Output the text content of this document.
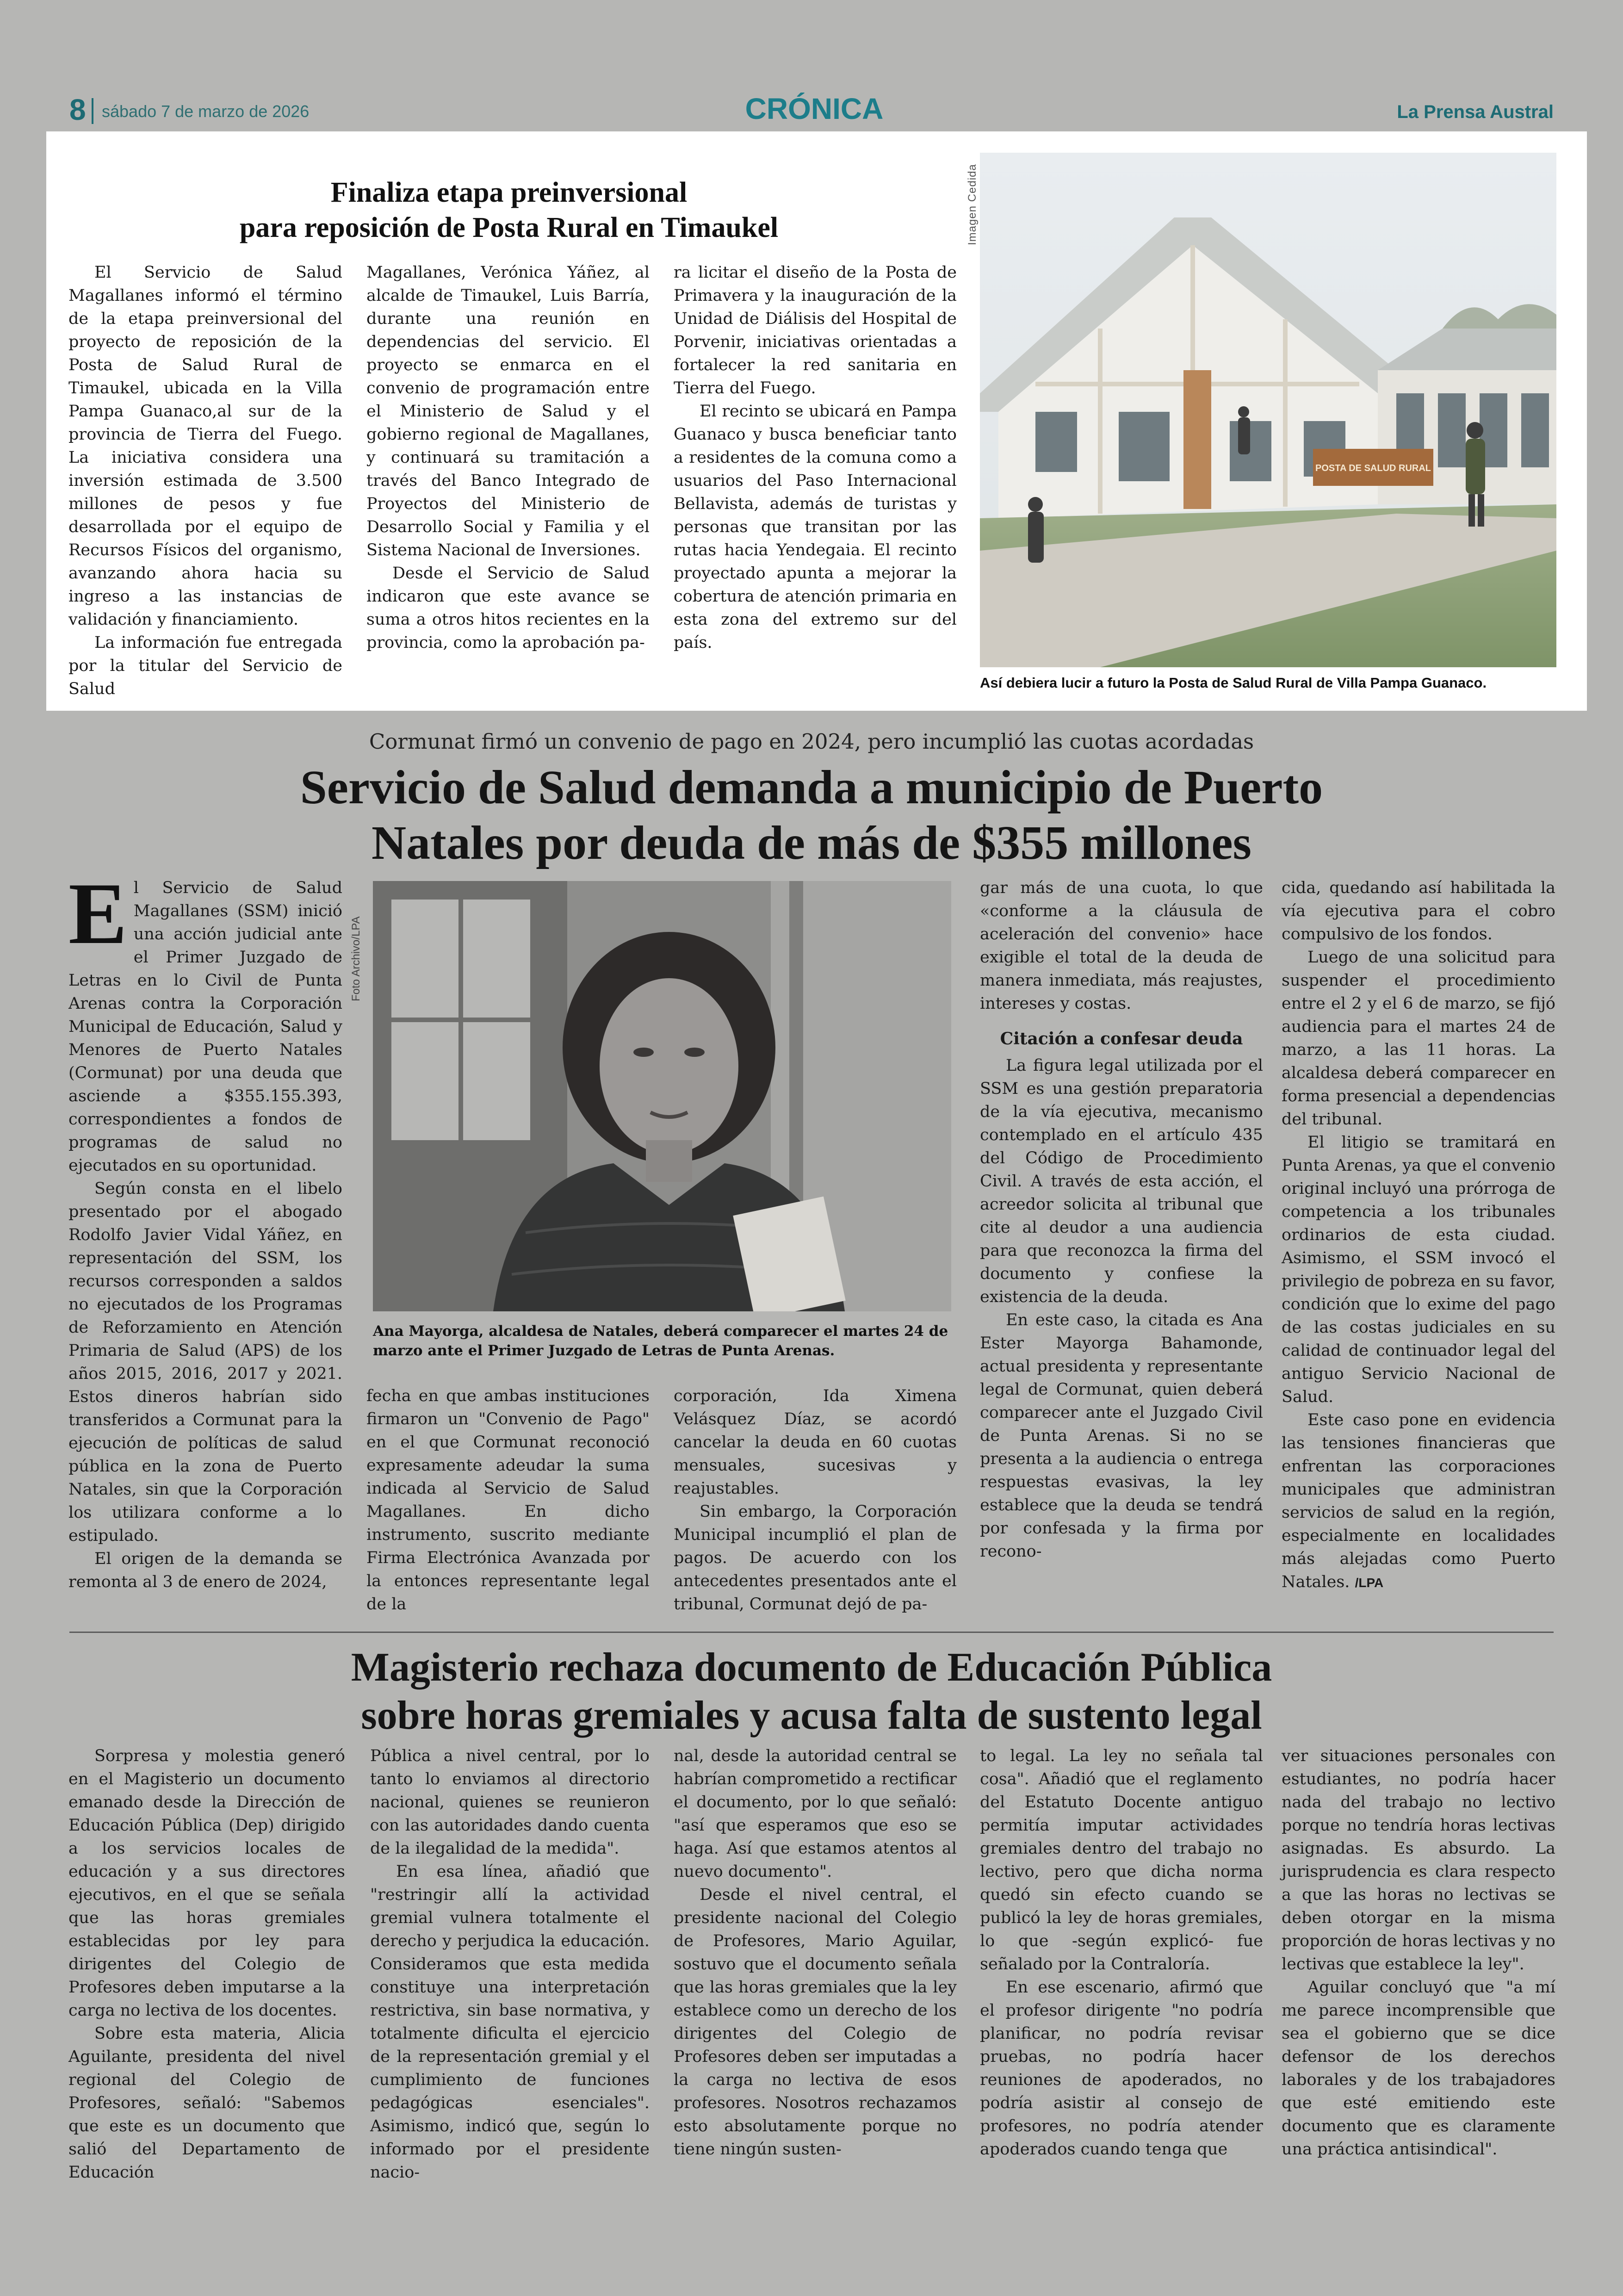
8 sábado 7 de marzo de 2026	CRÓNICA	La Prensa Austral
Finaliza etapa preinversional
para reposición de Posta Rural en Timaukel

El Servicio de Salud Magallanes informó el término de la etapa preinversional del proyecto de reposición de la Posta de Salud Rural de Timaukel, ubicada en la Villa Pampa Guanaco,al sur de la provincia de Tierra del Fuego. La iniciativa considera una inversión estimada de 3.500 millones de pesos y fue desarrollada por el equipo de Recursos Físicos del organismo, avanzando ahora hacia su ingreso a las instancias de validación y financiamiento.

La información fue entregada por la titular del Servicio de Salud

Magallanes, Verónica Yáñez, al alcalde de Timaukel, Luis Barría, durante una reunión en dependencias del servicio. El proyecto se enmarca en el convenio de programación entre el Ministerio de Salud y el gobierno regional de Magallanes, y continuará su tramitación a través del Banco Integrado de Proyectos del Ministerio de Desarrollo Social y Familia y el Sistema Nacional de Inversiones.

Desde el Servicio de Salud indicaron que este avance se suma a otros hitos recientes en la provincia, como la aprobación pa-

ra licitar el diseño de la Posta de Primavera y la inauguración de la Unidad de Diálisis del Hospital de Porvenir, iniciativas orientadas a fortalecer la red sanitaria en Tierra del Fuego.

El recinto se ubicará en Pampa Guanaco y busca beneficiar tanto a residentes de la comuna como a usuarios del Paso Internacional Bellavista, además de turistas y personas que transitan por las rutas hacia Yendegaia. El recinto proyectado apunta a mejorar la cobertura de atención primaria en esta zona del extremo sur del país.

Imagen Cedida
POSTA DE SALUD RURAL
Así debiera lucir a futuro la Posta de Salud Rural de Villa Pampa Guanaco.
Cormunat firmó un convenio de pago en 2024, pero incumplió las cuotas acordadas
Servicio de Salud demanda a municipio de Puerto
Natales por deuda de más de $355 millones

El Servicio de Salud Magallanes (SSM) inició una acción judicial ante el Primer Juzgado de Letras en lo Civil de Punta Arenas contra la Corporación Municipal de Educación, Salud y Menores de Puerto Natales (Cormunat) por una deuda que asciende a $355.155.393, correspondientes a fondos de programas de salud no ejecutados en su oportunidad.

Según consta en el libelo presentado por el abogado Rodolfo Javier Vidal Yáñez, en representación del SSM, los recursos corresponden a saldos no ejecutados de los Programas de Reforzamiento en Atención Primaria de Salud (APS) de los años 2015, 2016, 2017 y 2021. Estos dineros habrían sido transferidos a Cormunat para la ejecución de políticas de salud pública en la zona de Puerto Natales, sin que la Corporación los utilizara conforme a lo estipulado.

El origen de la demanda se remonta al 3 de enero de 2024,

Foto Archivo/LPA
Ana Mayorga, alcaldesa de Natales, deberá comparecer el martes 24 de marzo ante el Primer Juzgado de Letras de Punta Arenas.

fecha en que ambas instituciones firmaron un "Convenio de Pago" en el que Cormunat reconoció expresamente adeudar la suma indicada al Servicio de Salud Magallanes. En dicho instrumento, suscrito mediante Firma Electrónica Avanzada por la entonces representante legal de la

corporación, Ida Ximena Velásquez Díaz, se acordó cancelar la deuda en 60 cuotas mensuales, sucesivas y reajustables.

Sin embargo, la Corporación Municipal incumplió el plan de pagos. De acuerdo con los antecedentes presentados ante el tribunal, Cormunat dejó de pa-

gar más de una cuota, lo que «conforme a la cláusula de aceleración del convenio» hace exigible el total de la deuda de manera inmediata, más reajustes, intereses y costas.

Citación a confesar deuda

La figura legal utilizada por el SSM es una gestión preparatoria de la vía ejecutiva, mecanismo contemplado en el artículo 435 del Código de Procedimiento Civil. A través de esta acción, el acreedor solicita al tribunal que cite al deudor a una audiencia para que reconozca la firma del documento y confiese la existencia de la deuda.

En este caso, la citada es Ana Ester Mayorga Bahamonde, actual presidenta y representante legal de Cormunat, quien deberá comparecer ante el Juzgado Civil de Punta Arenas. Si no se presenta a la audiencia o entrega respuestas evasivas, la ley establece que la deuda se tendrá por confesada y la firma por recono-

cida, quedando así habilitada la vía ejecutiva para el cobro compulsivo de los fondos.

Luego de una solicitud para suspender el procedimiento entre el 2 y el 6 de marzo, se fijó audiencia para el martes 24 de marzo, a las 11 horas. La alcaldesa deberá comparecer en forma presencial a dependencias del tribunal.

El litigio se tramitará en Punta Arenas, ya que el convenio original incluyó una prórroga de competencia a los tribunales ordinarios de esta ciudad. Asimismo, el SSM invocó el privilegio de pobreza en su favor, condición que lo exime del pago de las costas judiciales en su calidad de continuador legal del antiguo Servicio Nacional de Salud.

Este caso pone en evidencia las tensiones financieras que enfrentan las corporaciones municipales que administran servicios de salud en la región, especialmente en localidades más alejadas como Puerto Natales. /LPA

Magisterio rechaza documento de Educación Pública
sobre horas gremiales y acusa falta de sustento legal

Sorpresa y molestia generó en el Magisterio un documento emanado desde la Dirección de Educación Pública (Dep) dirigido a los servicios locales de educación y a sus directores ejecutivos, en el que se señala que las horas gremiales establecidas por ley para dirigentes del Colegio de Profesores deben imputarse a la carga no lectiva de los docentes.

Sobre esta materia, Alicia Aguilante, presidenta del nivel regional del Colegio de Profesores, señaló: "Sabemos que este es un documento que salió del Departamento de Educación

Pública a nivel central, por lo tanto lo enviamos al directorio nacional, quienes se reunieron con las autoridades dando cuenta de la ilegalidad de la medida".

En esa línea, añadió que "restringir allí la actividad gremial vulnera totalmente el derecho y perjudica la educación. Consideramos que esta medida constituye una interpretación restrictiva, sin base normativa, y totalmente dificulta el ejercicio de la representación gremial y el cumplimiento de funciones pedagógicas esenciales". Asimismo, indicó que, según lo informado por el presidente nacio-

nal, desde la autoridad central se habrían comprometido a rectificar el documento, por lo que señaló: "así que esperamos que eso se haga. Así que estamos atentos al nuevo documento".

Desde el nivel central, el presidente nacional del Colegio de Profesores, Mario Aguilar, sostuvo que el documento señala que las horas gremiales que la ley establece como un derecho de los dirigentes del Colegio de Profesores deben ser imputadas a la carga no lectiva de esos profesores. Nosotros rechazamos esto absolutamente porque no tiene ningún susten-

to legal. La ley no señala tal cosa". Añadió que el reglamento del Estatuto Docente antiguo permitía imputar actividades gremiales dentro del trabajo no lectivo, pero que dicha norma quedó sin efecto cuando se publicó la ley de horas gremiales, lo que -según explicó- fue señalado por la Contraloría.

En ese escenario, afirmó que el profesor dirigente "no podría planificar, no podría revisar pruebas, no podría hacer reuniones de apoderados, no podría asistir al consejo de profesores, no podría atender apoderados cuando tenga que

ver situaciones personales con estudiantes, no podría hacer nada del trabajo no lectivo porque no tendría horas lectivas asignadas. Es absurdo. La jurisprudencia es clara respecto a que las horas no lectivas se deben otorgar en la misma proporción de horas lectivas y no lectivas que establece la ley".

Aguilar concluyó que "a mí me parece incomprensible que sea el gobierno que se dice defensor de los derechos laborales y de los trabajadores que esté emitiendo este documento que es claramente una práctica antisindical".
